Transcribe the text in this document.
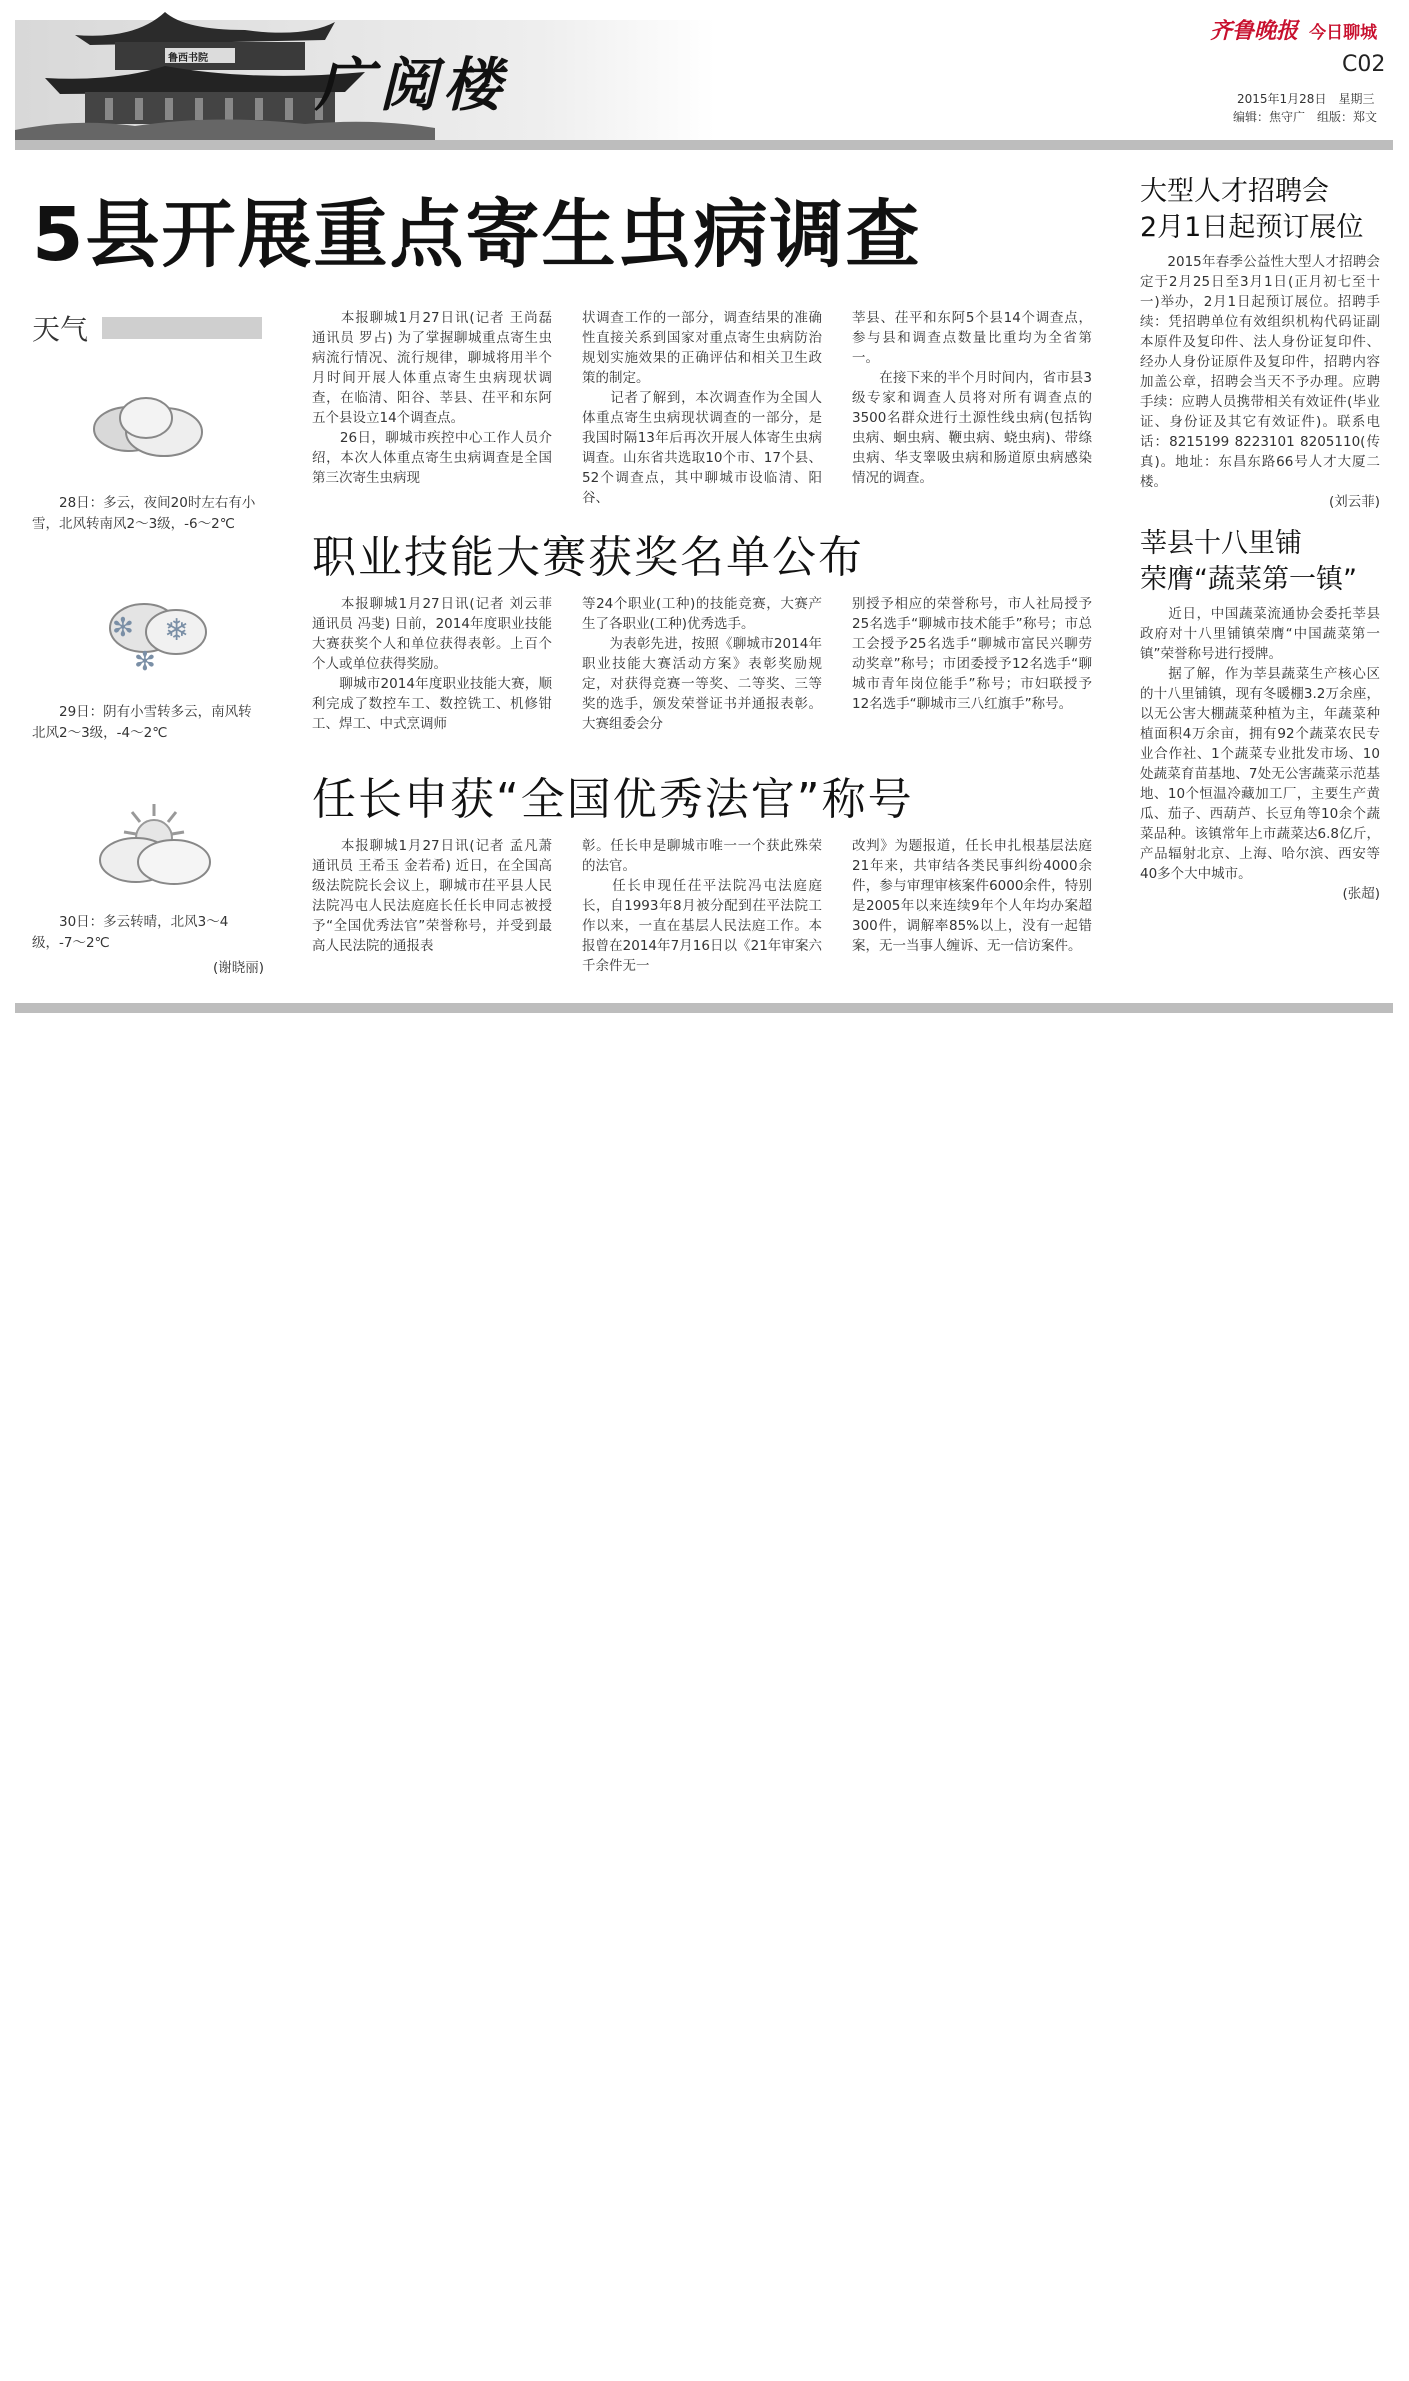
鲁西书院 广阅楼
齐鲁晚报 今日聊城
C02
2015年1月28日　星期三
编辑：焦守广　组版：郑文
5县开展重点寄生虫病调查
天气
　　28日：多云，夜间20时左右有小雪，北风转南风2～3级，-6～2℃
✻ ❄
✻
　　29日：阴有小雪转多云，南风转北风2～3级，-4～2℃
　　30日：多云转晴，北风3～4级，-7～2℃
(谢晓丽)
　　本报聊城1月27日讯(记者 王尚磊 通讯员 罗占) 为了掌握聊城重点寄生虫病流行情况、流行规律，聊城将用半个月时间开展人体重点寄生虫病现状调查，在临清、阳谷、莘县、茌平和东阿五个县设立14个调查点。
　　26日，聊城市疾控中心工作人员介绍，本次人体重点寄生虫病调查是全国第三次寄生虫病现
状调查工作的一部分，调查结果的准确性直接关系到国家对重点寄生虫病防治规划实施效果的正确评估和相关卫生政策的制定。
　　记者了解到，本次调查作为全国人体重点寄生虫病现状调查的一部分，是我国时隔13年后再次开展人体寄生虫病调查。山东省共选取10个市、17个县、52个调查点，其中聊城市设临清、阳谷、
莘县、茌平和东阿5个县14个调查点，参与县和调查点数量比重均为全省第一。
　　在接下来的半个月时间内，省市县3级专家和调查人员将对所有调查点的3500名群众进行土源性线虫病(包括钩虫病、蛔虫病、鞭虫病、蛲虫病)、带绦虫病、华支睾吸虫病和肠道原虫病感染情况的调查。
职业技能大赛获奖名单公布
　　本报聊城1月27日讯(记者 刘云菲 通讯员 冯斐) 日前，2014年度职业技能大赛获奖个人和单位获得表彰。上百个个人或单位获得奖励。
　　聊城市2014年度职业技能大赛，顺利完成了数控车工、数控铣工、机修钳工、焊工、中式烹调师
等24个职业(工种)的技能竞赛，大赛产生了各职业(工种)优秀选手。
　　为表彰先进，按照《聊城市2014年职业技能大赛活动方案》表彰奖励规定，对获得竞赛一等奖、二等奖、三等奖的选手，颁发荣誉证书并通报表彰。大赛组委会分
别授予相应的荣誉称号，市人社局授予25名选手“聊城市技术能手”称号；市总工会授予25名选手“聊城市富民兴聊劳动奖章”称号；市团委授予12名选手“聊城市青年岗位能手”称号；市妇联授予12名选手“聊城市三八红旗手”称号。
任长申获“全国优秀法官”称号
　　本报聊城1月27日讯(记者 孟凡萧 通讯员 王希玉 金若希) 近日，在全国高级法院院长会议上，聊城市茌平县人民法院冯屯人民法庭庭长任长申同志被授予“全国优秀法官”荣誉称号，并受到最高人民法院的通报表
彰。任长申是聊城市唯一一个获此殊荣的法官。
　　任长申现任茌平法院冯屯法庭庭长，自1993年8月被分配到茌平法院工作以来，一直在基层人民法庭工作。本报曾在2014年7月16日以《21年审案六千余件无一
改判》为题报道，任长申扎根基层法庭21年来，共审结各类民事纠纷4000余件，参与审理审核案件6000余件，特别是2005年以来连续9年个人年均办案超300件，调解率85%以上，没有一起错案，无一当事人缠诉、无一信访案件。
大型人才招聘会
2月1日起预订展位
　　2015年春季公益性大型人才招聘会定于2月25日至3月1日(正月初七至十一)举办，2月1日起预订展位。招聘手续：凭招聘单位有效组织机构代码证副本原件及复印件、法人身份证复印件、经办人身份证原件及复印件，招聘内容加盖公章，招聘会当天不予办理。应聘手续：应聘人员携带相关有效证件(毕业证、身份证及其它有效证件)。联系电话：8215199 8223101 8205110(传真)。地址：东昌东路66号人才大厦二楼。
(刘云菲)
莘县十八里铺
荣膺“蔬菜第一镇”
　　近日，中国蔬菜流通协会委托莘县政府对十八里铺镇荣膺“中国蔬菜第一镇”荣誉称号进行授牌。
　　据了解，作为莘县蔬菜生产核心区的十八里铺镇，现有冬暖棚3.2万余座，以无公害大棚蔬菜种植为主，年蔬菜种植面积4万余亩，拥有92个蔬菜农民专业合作社、1个蔬菜专业批发市场、10处蔬菜育苗基地、7处无公害蔬菜示范基地、10个恒温冷藏加工厂，主要生产黄瓜、茄子、西葫芦、长豆角等10余个蔬菜品种。该镇常年上市蔬菜达6.8亿斤，产品辐射北京、上海、哈尔滨、西安等40多个大中城市。
(张超)
